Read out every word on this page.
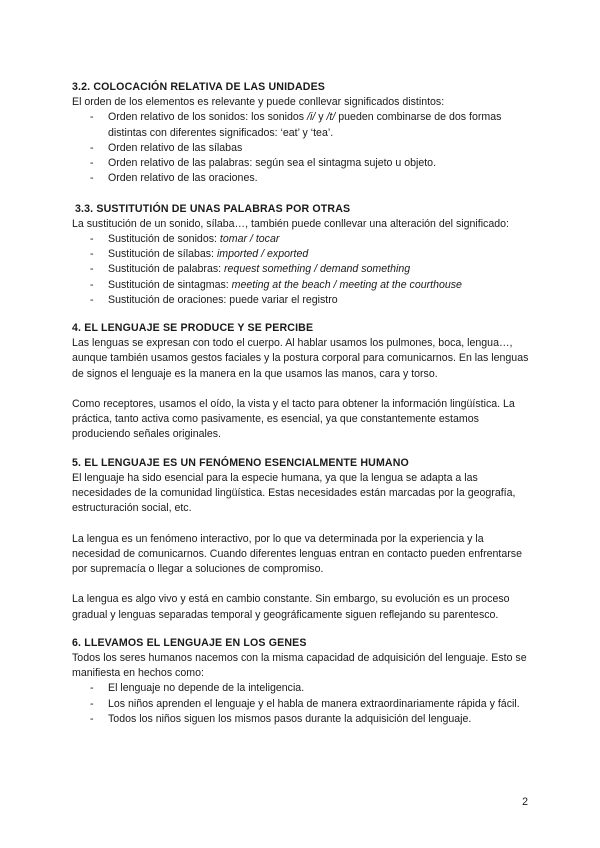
3.2. COLOCACIÓN RELATIVA DE LAS UNIDADES

El orden de los elementos es relevante y puede conllevar significados distintos:

- Orden relativo de los sonidos: los sonidos /i/ y /t/ pueden combinarse de dos formas distintas con diferentes significados: ‘eat’ y ‘tea’.
- Orden relativo de las sílabas
- Orden relativo de las palabras: según sea el sintagma sujeto u objeto.
- Orden relativo de las oraciones.

3.3. SUSTITUTIÓN DE UNAS PALABRAS POR OTRAS

La sustitución de un sonido, sílaba…, también puede conllevar una alteración del significado:

- Sustitución de sonidos: tomar / tocar
- Sustitución de sílabas: imported / exported
- Sustitución de palabras: request something / demand something
- Sustitución de sintagmas: meeting at the beach / meeting at the courthouse
- Sustitución de oraciones: puede variar el registro

4. EL LENGUAJE SE PRODUCE Y SE PERCIBE

Las lenguas se expresan con todo el cuerpo. Al hablar usamos los pulmones, boca, lengua…, aunque también usamos gestos faciales y la postura corporal para comunicarnos. En las lenguas de signos el lenguaje es la manera en la que usamos las manos, cara y torso.

Como receptores, usamos el oído, la vista y el tacto para obtener la información lingüística. La práctica, tanto activa como pasivamente, es esencial, ya que constantemente estamos produciendo señales originales.

5. EL LENGUAJE ES UN FENÓMENO ESENCIALMENTE HUMANO

El lenguaje ha sido esencial para la especie humana, ya que la lengua se adapta a las necesidades de la comunidad lingüística. Estas necesidades están marcadas por la geografía, estructuración social, etc.

La lengua es un fenómeno interactivo, por lo que va determinada por la experiencia y la necesidad de comunicarnos. Cuando diferentes lenguas entran en contacto pueden enfrentarse por supremacía o llegar a soluciones de compromiso.

La lengua es algo vivo y está en cambio constante. Sin embargo, su evolución es un proceso gradual y lenguas separadas temporal y geográficamente siguen reflejando su parentesco.

6. LLEVAMOS EL LENGUAJE EN LOS GENES

Todos los seres humanos nacemos con la misma capacidad de adquisición del lenguaje. Esto se manifiesta en hechos como:

- El lenguaje no depende de la inteligencia.
- Los niños aprenden el lenguaje y el habla de manera extraordinariamente rápida y fácil.
- Todos los niños siguen los mismos pasos durante la adquisición del lenguaje.
2
